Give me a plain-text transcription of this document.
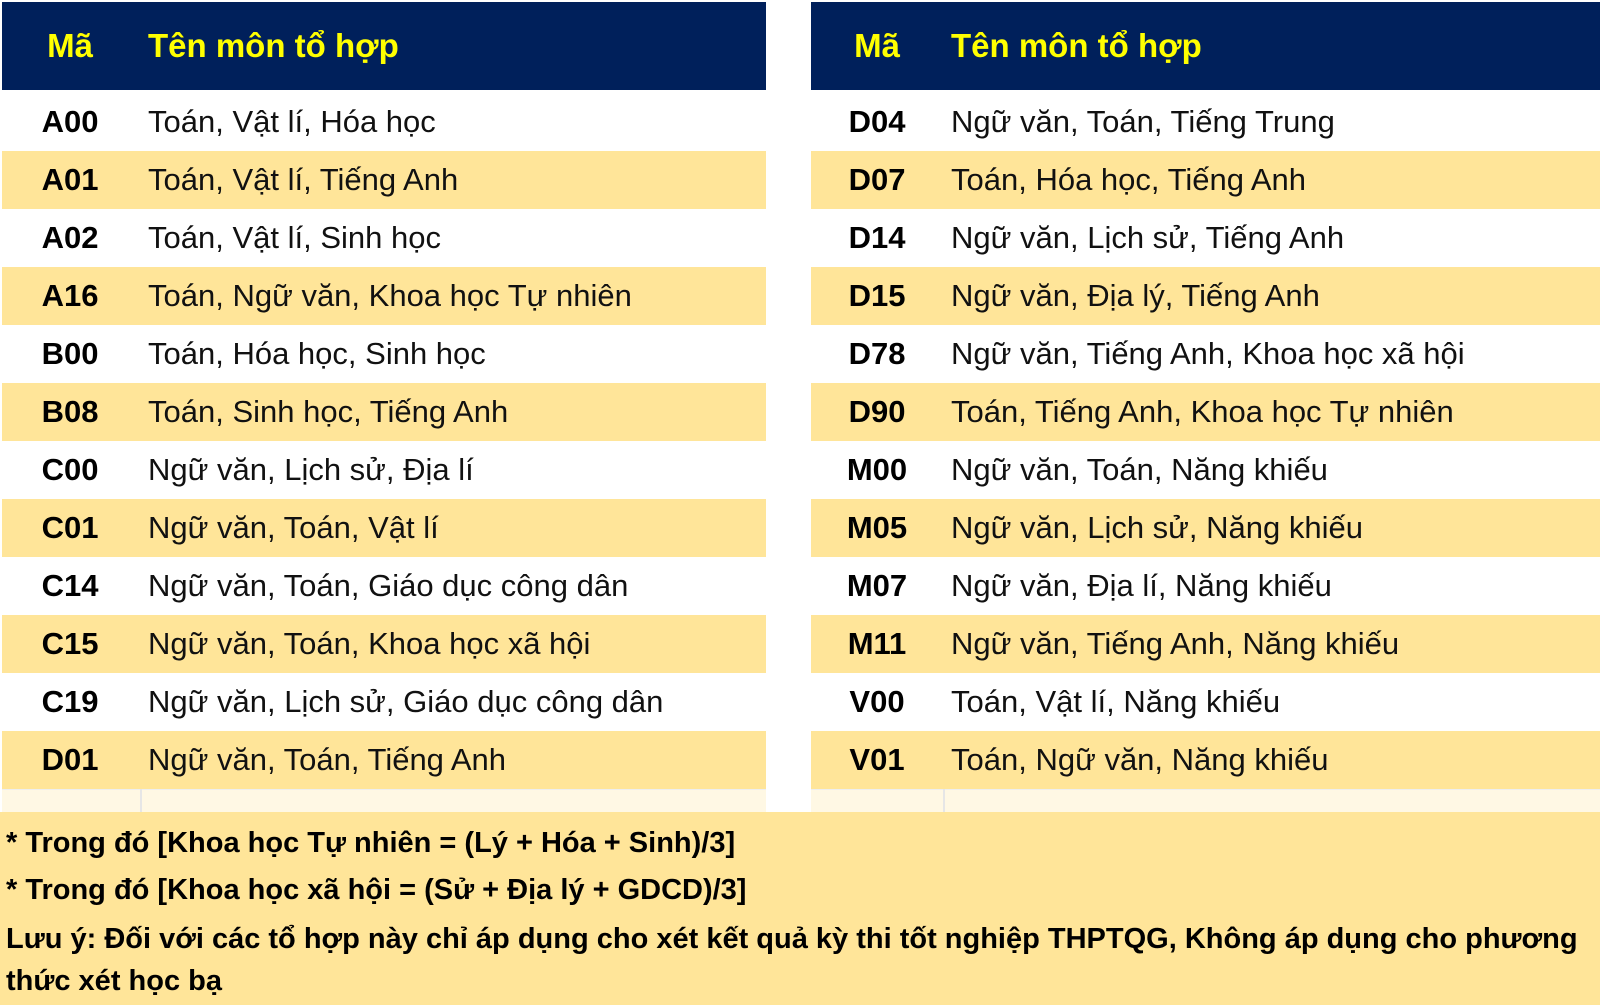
Mã	Tên môn tổ hợp
A00	Toán, Vật lí, Hóa học
A01	Toán, Vật lí, Tiếng Anh
A02	Toán, Vật lí, Sinh học
A16	Toán, Ngữ văn, Khoa học Tự nhiên
B00	Toán, Hóa học, Sinh học
B08	Toán, Sinh học, Tiếng Anh
C00	Ngữ văn, Lịch sử, Địa lí
C01	Ngữ văn, Toán, Vật lí
C14	Ngữ văn, Toán, Giáo dục công dân
C15	Ngữ văn, Toán, Khoa học xã hội
C19	Ngữ văn, Lịch sử, Giáo dục công dân
D01	Ngữ văn, Toán, Tiếng Anh
Mã	Tên môn tổ hợp
D04	Ngữ văn, Toán, Tiếng Trung
D07	Toán, Hóa học, Tiếng Anh
D14	Ngữ văn, Lịch sử, Tiếng Anh
D15	Ngữ văn, Địa lý, Tiếng Anh
D78	Ngữ văn, Tiếng Anh, Khoa học xã hội
D90	Toán, Tiếng Anh, Khoa học Tự nhiên
M00	Ngữ văn, Toán, Năng khiếu
M05	Ngữ văn, Lịch sử, Năng khiếu
M07	Ngữ văn, Địa lí, Năng khiếu
M11	Ngữ văn, Tiếng Anh, Năng khiếu
V00	Toán, Vật lí, Năng khiếu
V01	Toán, Ngữ văn, Năng khiếu
* Trong đó [Khoa học Tự nhiên = (Lý + Hóa + Sinh)/3]
* Trong đó [Khoa học xã hội = (Sử + Địa lý + GDCD)/3]
Lưu ý: Đối với các tổ hợp này chỉ áp dụng cho xét kết quả kỳ thi tốt nghiệp THPTQG, Không áp dụng cho phương thức xét học bạ
